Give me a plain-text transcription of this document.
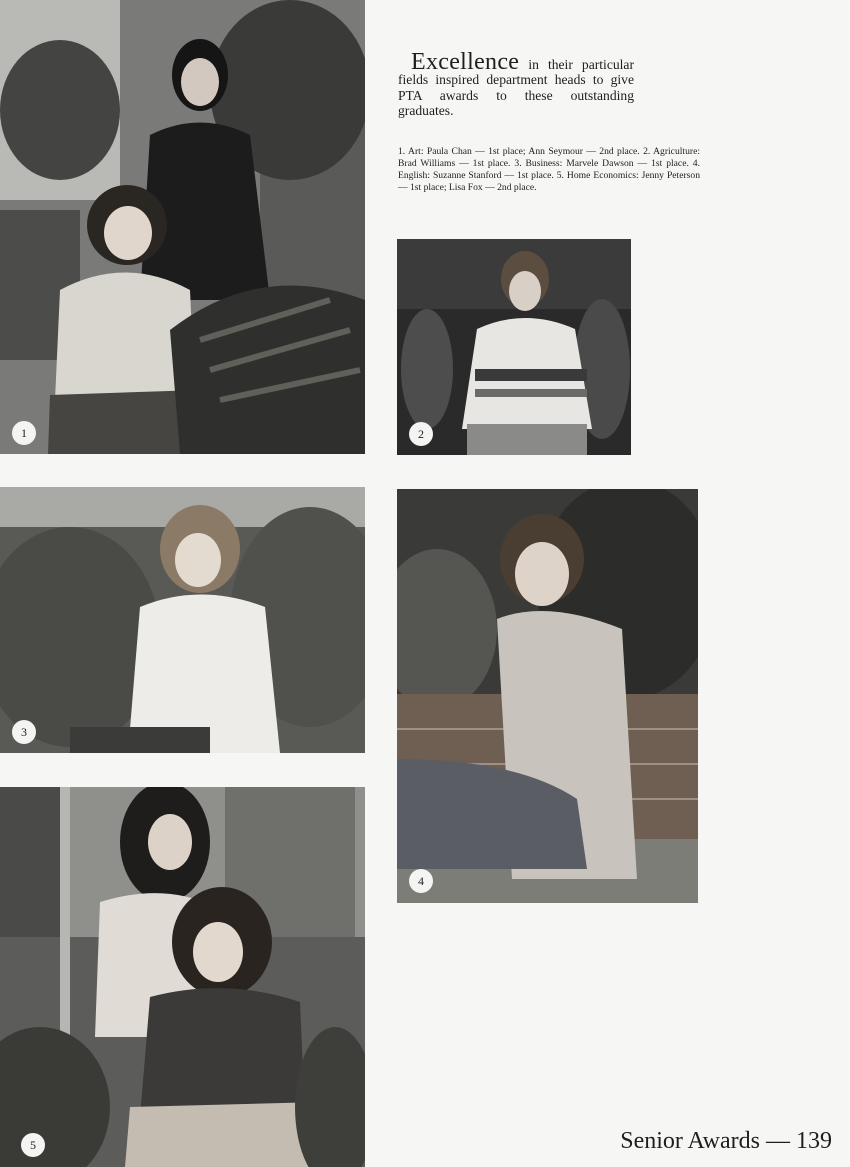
Excellence in their particular fields inspired department heads to give PTA awards to these outstanding graduates.

1. Art: Paula Chan — 1st place; Ann Seymour — 2nd place. 2. Agriculture: Brad Williams — 1st place. 3. Business: Marvele Dawson — 1st place. 4. English: Suzanne Stanford — 1st place. 5. Home Economics: Jenny Peterson — 1st place; Lisa Fox — 2nd place.

1	2
3
4
5	Senior Awards — 139
